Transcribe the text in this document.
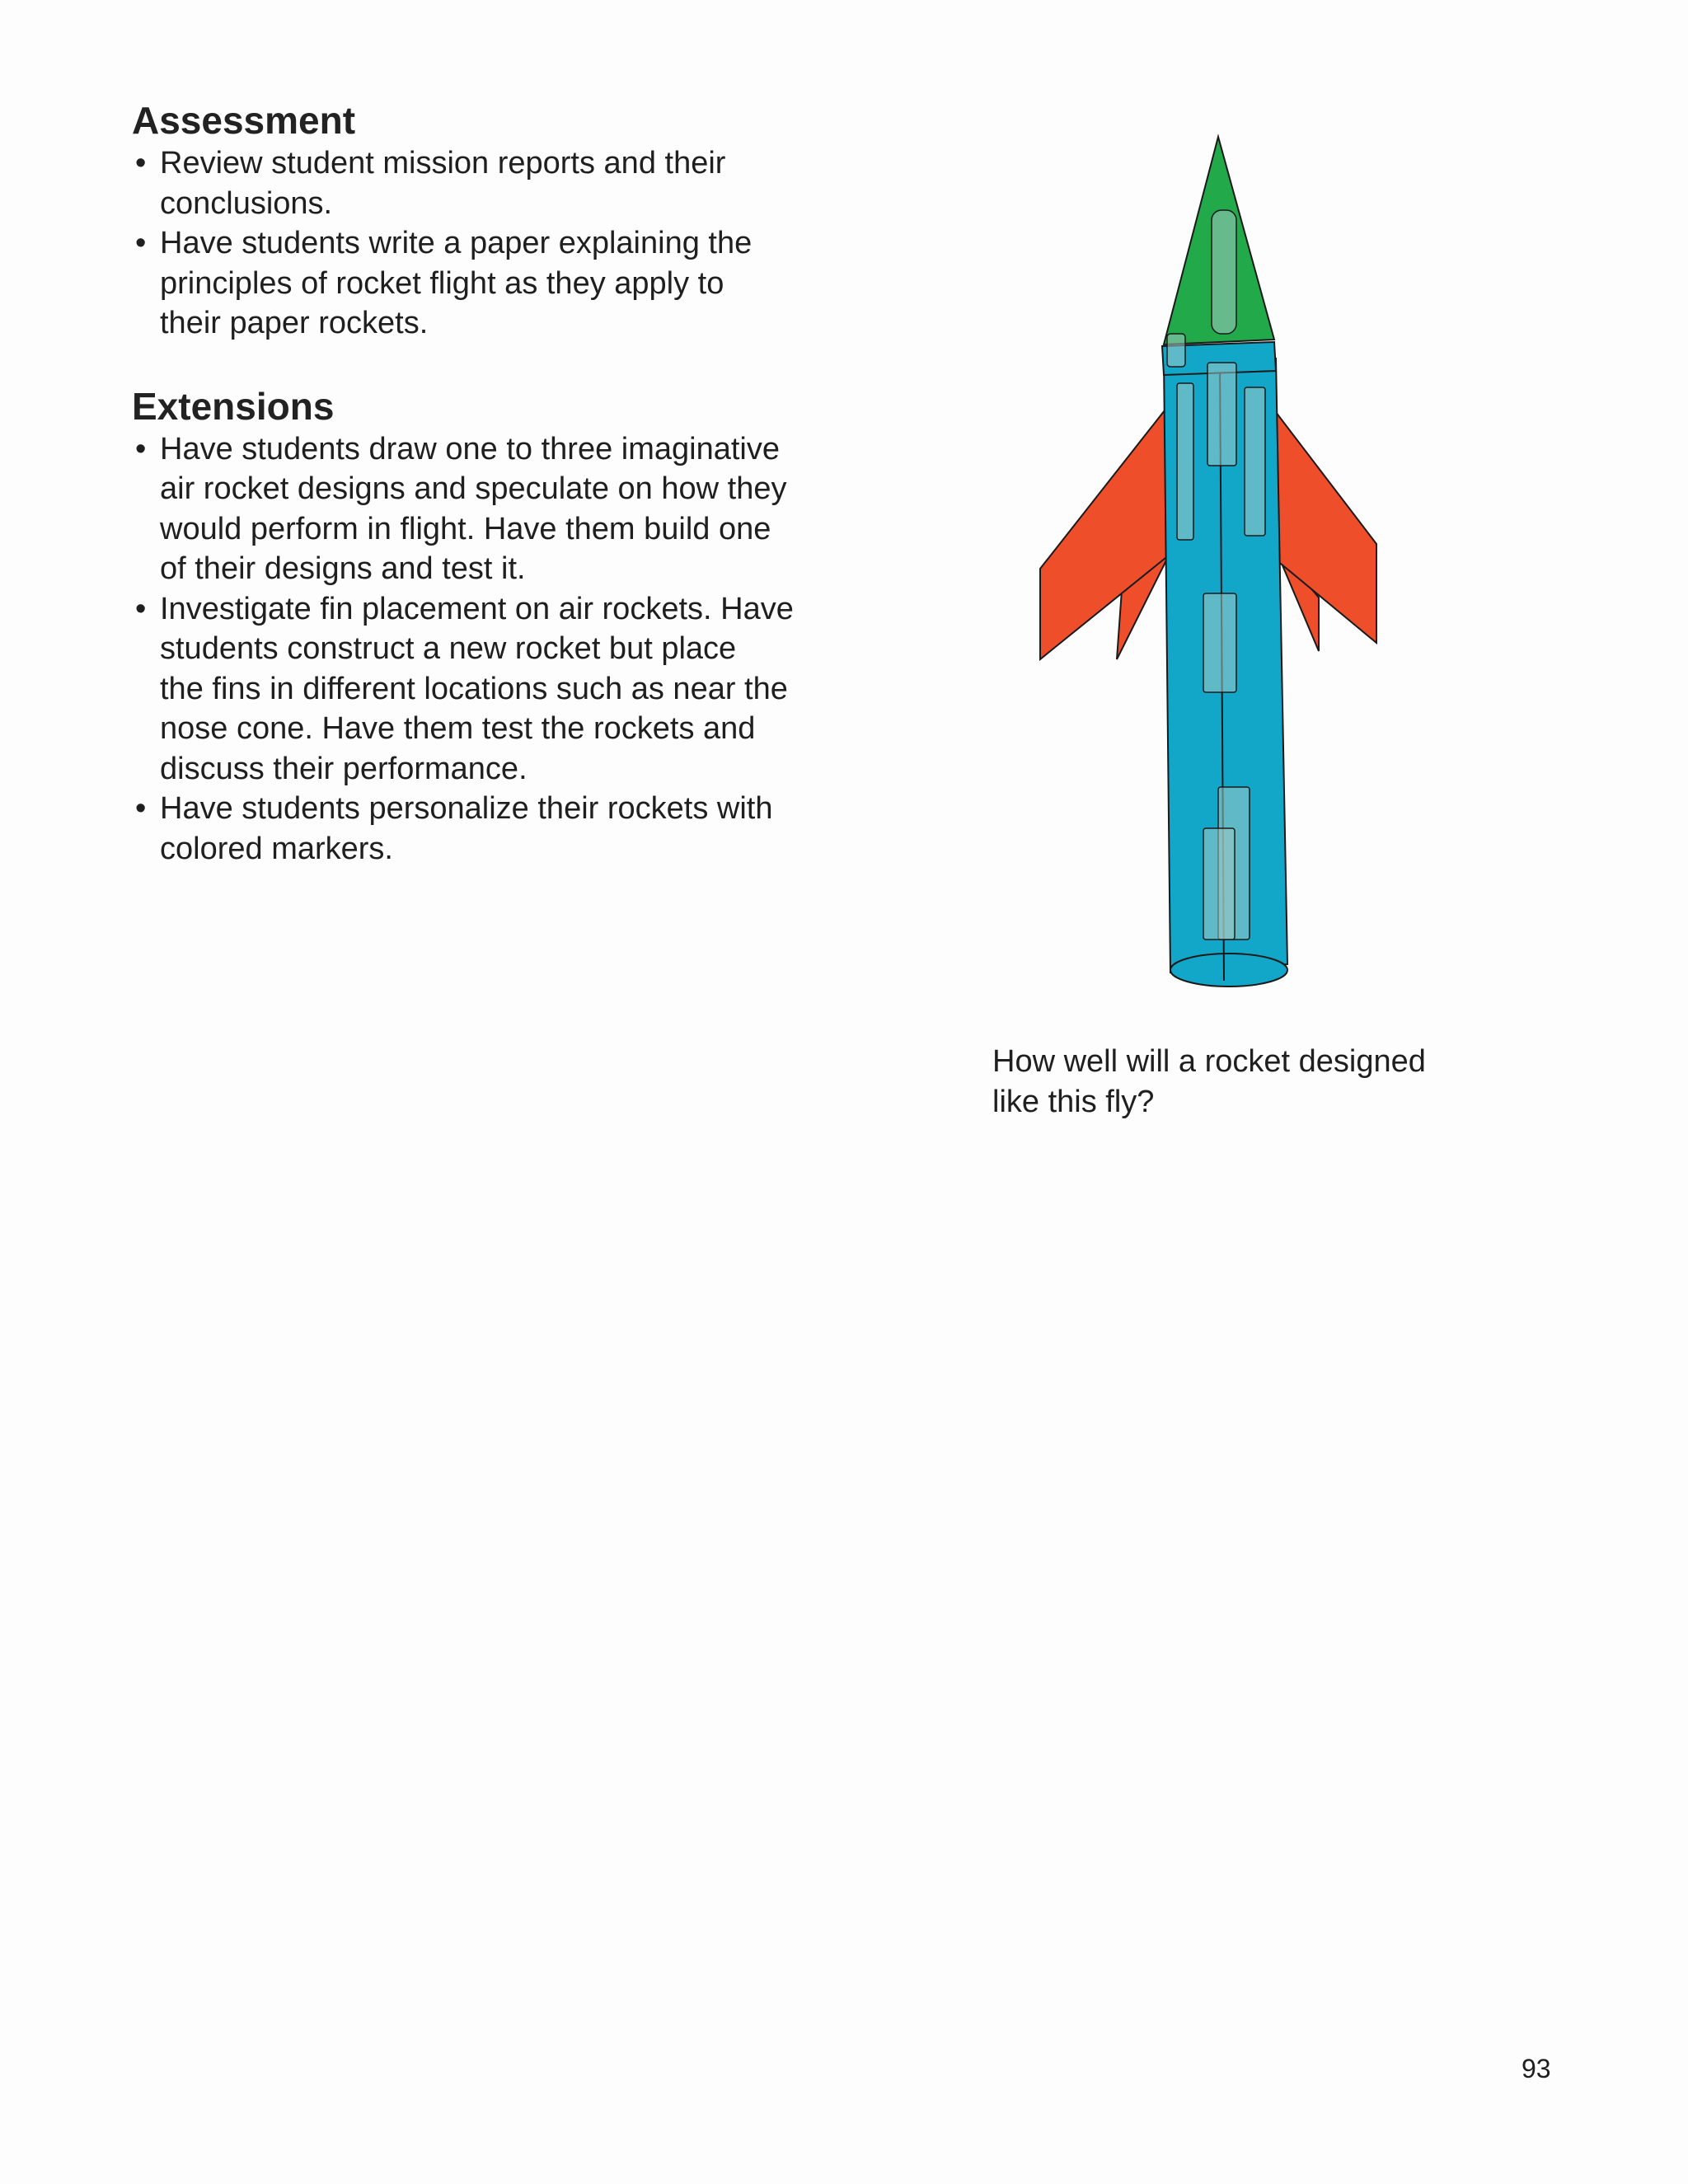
Assessment
• Review student mission reports and their
conclusions.
• Have students write a paper explaining the
principles of rocket flight as they apply to
their paper rockets.
Extensions
• Have students draw one to three imaginative
air rocket designs and speculate on how they
would perform in flight. Have them build one
of their designs and test it.
• Investigate fin placement on air rockets. Have
students construct a new rocket but place
the fins in different locations such as near the
nose cone. Have them test the rockets and
discuss their performance.
• Have students personalize their rockets with
colored markers.
How well will a rocket designed
like this fly?
93
